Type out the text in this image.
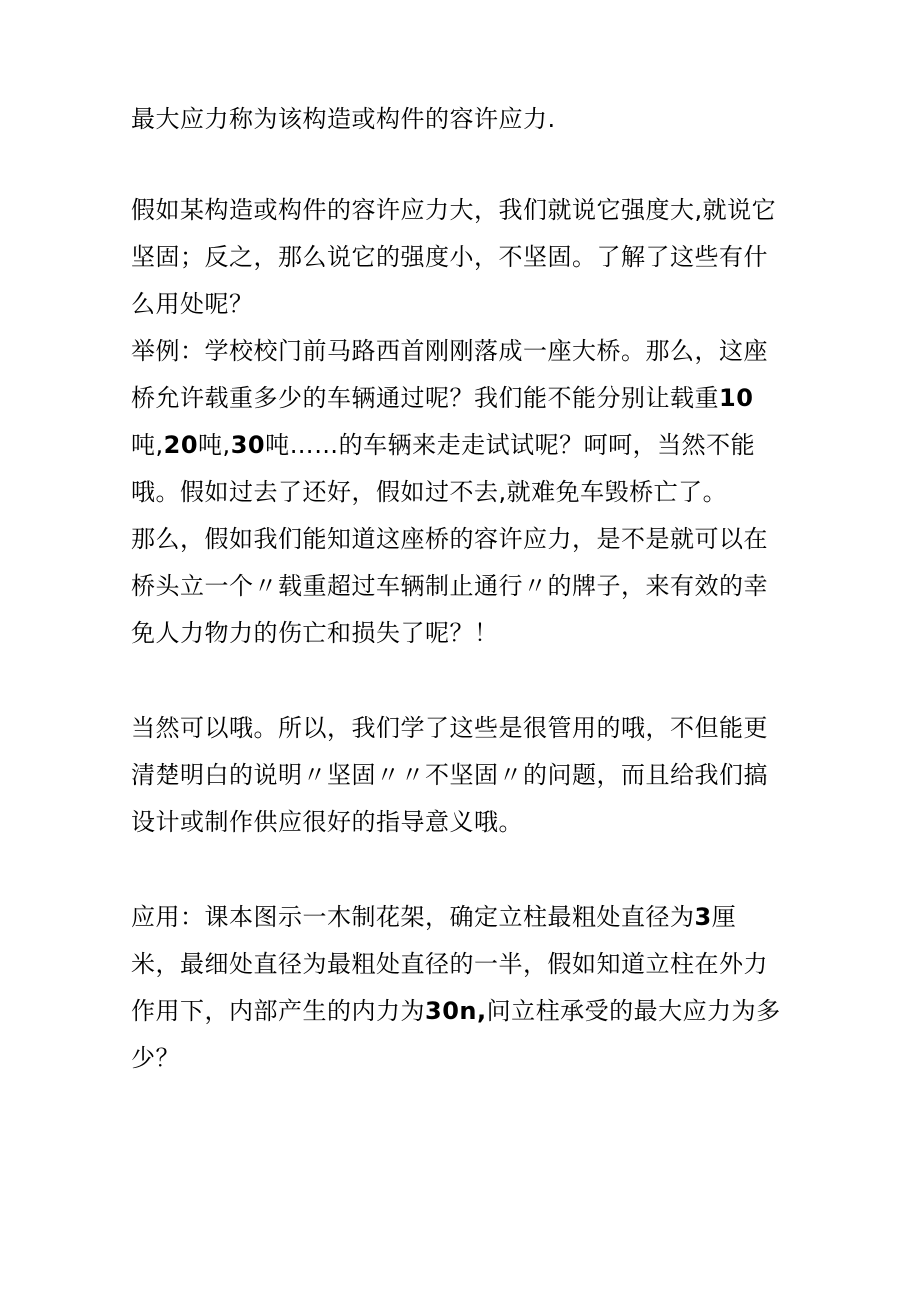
最大应力称为该构造或构件的容许应力.
假如某构造或构件的容许应力大，我们就说它强度大,就说它
坚固；反之，那么说它的强度小，不坚固。了解了这些有什
么用处呢？
举例：学校校门前马路西首刚刚落成一座大桥。那么，这座
桥允许载重多少的车辆通过呢？我们能不能分别让载重10
吨,20吨,30吨……的车辆来走走试试呢？呵呵，当然不能
哦。假如过去了还好，假如过不去,就难免车毁桥亡了。
那么，假如我们能知道这座桥的容许应力，是不是就可以在
桥头立一个〃载重超过车辆制止通行〃的牌子，来有效的幸
免人力物力的伤亡和损失了呢？！
当然可以哦。所以，我们学了这些是很管用的哦，不但能更
清楚明白的说明〃坚固〃〃不坚固〃的问题，而且给我们搞
设计或制作供应很好的指导意义哦。
应用：课本图示一木制花架，确定立柱最粗处直径为3厘
米，最细处直径为最粗处直径的一半，假如知道立柱在外力
作用下，内部产生的内力为30n,问立柱承受的最大应力为多
少？
